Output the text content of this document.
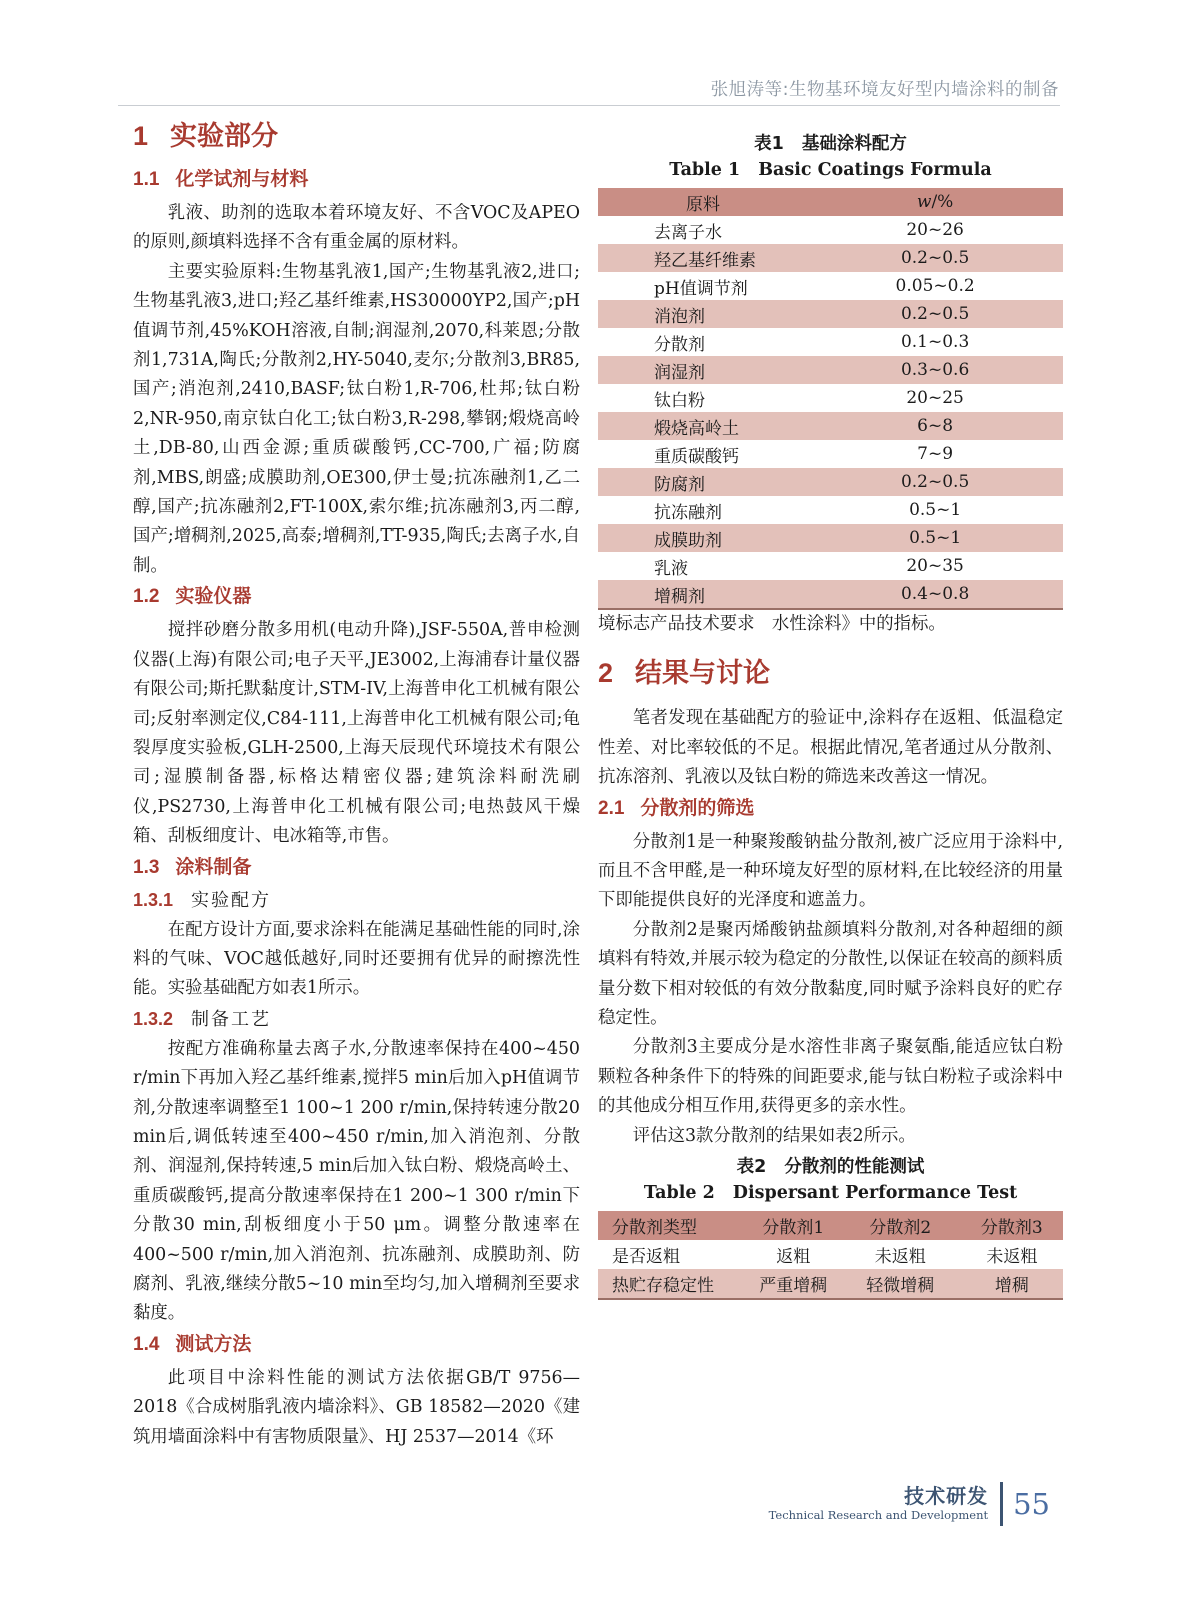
张旭涛等:生物基环境友好型内墙涂料的制备
1 实验部分
1.1 化学试剂与材料

乳液、助剂的选取本着环境友好、不含VOC及APEO的原则,颜填料选择不含有重金属的原材料。

主要实验原料:生物基乳液1,国产;生物基乳液2,进口;生物基乳液3,进口;羟乙基纤维素,HS30000YP2,国产;pH值调节剂,45%KOH溶液,自制;润湿剂,2070,科莱恩;分散剂1,731A,陶氏;分散剂2,HY-5040,麦尔;分散剂3,BR85,国产;消泡剂,2410,BASF;钛白粉1,R-706,杜邦;钛白粉2,NR-950,南京钛白化工;钛白粉3,R-298,攀钢;煅烧高岭土,DB-80,山西金源;重质碳酸钙,CC-700,广福;防腐剂,MBS,朗盛;成膜助剂,OE300,伊士曼;抗冻融剂1,乙二醇,国产;抗冻融剂2,FT-100X,索尔维;抗冻融剂3,丙二醇,国产;增稠剂,2025,高泰;增稠剂,TT-935,陶氏;去离子水,自制。

1.2 实验仪器

搅拌砂磨分散多用机(电动升降),JSF-550A,普申检测仪器(上海)有限公司;电子天平,JE3002,上海浦春计量仪器有限公司;斯托默黏度计,STM-IV,上海普申化工机械有限公司;反射率测定仪,C84-111,上海普申化工机械有限公司;龟裂厚度实验板,GLH-2500,上海天辰现代环境技术有限公司;湿膜制备器,标格达精密仪器;建筑涂料耐洗刷仪,PS2730,上海普申化工机械有限公司;电热鼓风干燥箱、刮板细度计、电冰箱等,市售。

1.3 涂料制备
1.3.1 实验配方

在配方设计方面,要求涂料在能满足基础性能的同时,涂料的气味、VOC越低越好,同时还要拥有优异的耐擦洗性能。实验基础配方如表1所示。

1.3.2 制备工艺

按配方准确称量去离子水,分散速率保持在400~450 r/min下再加入羟乙基纤维素,搅拌5 min后加入pH值调节剂,分散速率调整至1 100~1 200 r/min,保持转速分散20 min后,调低转速至400~450 r/min,加入消泡剂、分散剂、润湿剂,保持转速,5 min后加入钛白粉、煅烧高岭土、重质碳酸钙,提高分散速率保持在1 200~1 300 r/min下分散30 min,刮板细度小于50 μm。调整分散速率在400~500 r/min,加入消泡剂、抗冻融剂、成膜助剂、防腐剂、乳液,继续分散5~10 min至均匀,加入增稠剂至要求黏度。

1.4 测试方法

此项目中涂料性能的测试方法依据GB/T 9756—2018《合成树脂乳液内墙涂料》、GB 18582—2020《建筑用墙面涂料中有害物质限量》、HJ 2537—2014《环

表1 基础涂料配方
Table 1 Basic Coatings Formula
原料	w/%
去离子水	20~26
羟乙基纤维素	0.2~0.5
pH值调节剂	0.05~0.2
消泡剂	0.2~0.5
分散剂	0.1~0.3
润湿剂	0.3~0.6
钛白粉	20~25
煅烧高岭土	6~8
重质碳酸钙	7~9
防腐剂	0.2~0.5
抗冻融剂	0.5~1
成膜助剂	0.5~1
乳液	20~35
增稠剂	0.4~0.8

境标志产品技术要求　水性涂料》中的指标。

2 结果与讨论

笔者发现在基础配方的验证中,涂料存在返粗、低温稳定性差、对比率较低的不足。根据此情况,笔者通过从分散剂、抗冻溶剂、乳液以及钛白粉的筛选来改善这一情况。

2.1 分散剂的筛选

分散剂1是一种聚羧酸钠盐分散剂,被广泛应用于涂料中,而且不含甲醛,是一种环境友好型的原材料,在比较经济的用量下即能提供良好的光泽度和遮盖力。

分散剂2是聚丙烯酸钠盐颜填料分散剂,对各种超细的颜填料有特效,并展示较为稳定的分散性,以保证在较高的颜料质量分数下相对较低的有效分散黏度,同时赋予涂料良好的贮存稳定性。

分散剂3主要成分是水溶性非离子聚氨酯,能适应钛白粉颗粒各种条件下的特殊的间距要求,能与钛白粉粒子或涂料中的其他成分相互作用,获得更多的亲水性。

评估这3款分散剂的结果如表2所示。

表2 分散剂的性能测试
Table 2 Dispersant Performance Test
分散剂类型	分散剂1	分散剂2	分散剂3
是否返粗	返粗	未返粗	未返粗
热贮存稳定性	严重增稠	轻微增稠	增稠
技术研发
Technical Research and Development 55
